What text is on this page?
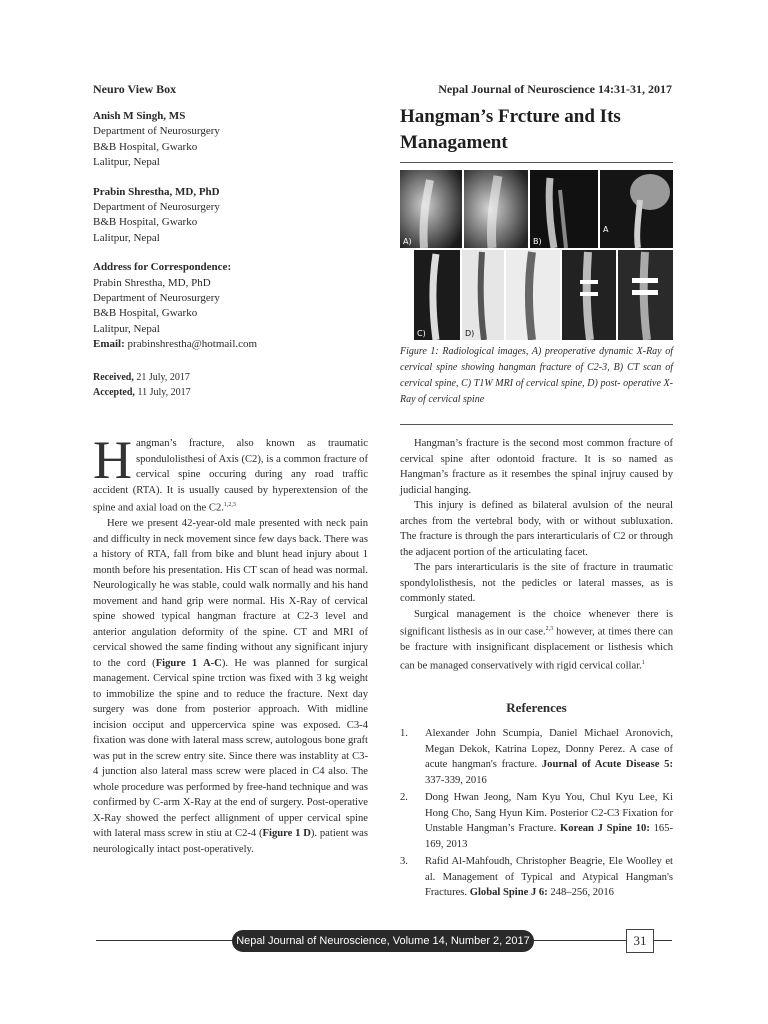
Neuro View Box	Nepal Journal of Neuroscience 14:31-31, 2017
Anish M Singh, MS
Department of Neurosurgery
B&B Hospital, Gwarko
Lalitpur, Nepal
Prabin Shrestha, MD, PhD
Department of Neurosurgery
B&B Hospital, Gwarko
Lalitpur, Nepal
Address for Correspondence:
Prabin Shrestha, MD, PhD
Department of Neurosurgery
B&B Hospital, Gwarko
Lalitpur, Nepal
Email: prabinshrestha@hotmail.com
Received, 21 July, 2017
Accepted, 11 July, 2017
Hangman’s Frcture and Its Managament
A)	B)
A
C)	D)
Figure 1: Radiological images, A) preoperative dynamic X-Ray of cervical spine showing hangman fracture of C2-3, B) CT scan of cervical spine, C) T1W MRI of cervical spine, D) post- operative X-Ray of cervical spine

Hangman’s fracture, also known as traumatic spondulolisthesi of Axis (C2), is a common fracture of cervical spine occuring during any road traffic accident (RTA). It is usually caused by hyperextension of the spine and axial load on the C2.$^{1,2,3}$

Here we present 42-year-old male presented with neck pain and difficulty in neck movement since few days back. There was a history of RTA, fall from bike and blunt head injury about 1 month before his presentation. His CT scan of head was normal. Neurologically he was stable, could walk normally and his hand movement and hand grip were normal. His X-Ray of cervical spine showed typical hangman fracture at C2-3 level and anterior angulation deformity of the spine. CT and MRI of cervical showed the same finding without any significant injury to the cord (Figure 1 A-C). He was planned for surgical management. Cervical spine trction was fixed with 3 kg weight to immobilize the spine and to reduce the fracture. Next day surgery was done from posterior approach. With midline incision occiput and uppercervica spine was exposed. C3-4 fixation was done with lateral mass screw, autologous bone graft was put in the screw entry site. Since there was instablity at C3-4 junction also lateral mass screw were placed in C4 also. The whole procedure was performed by free-hand technique and was confirmed by C-arm X-Ray at the end of surgery. Post-operative X-Ray showed the perfect allignment of upper cervical spine with lateral mass screw in stiu at C2-4 (Figure 1 D). patient was neurologically intact post-operatively.

Hangman’s fracture is the second most common fracture of cervical spine after odontoid fracture. It is so named as Hangman’s fracture as it resembes the spinal injruy caused by judicial hanging.

This injury is defined as bilateral avulsion of the neural arches from the vertebral body, with or without subluxation. The fracture is through the pars interarticularis of C2 or through the adjacent portion of the articulating facet.

The pars interarticularis is the site of fracture in traumatic spondylolisthesis, not the pedicles or lateral masses, as is commonly stated.

Surgical management is the choice whenever there is significant listhesis as in our case.$^{2,3}$ however, at times there can be fracture with insignificant displacement or listhesis which can be managed conservatively with rigid cervical collar.$^1$

References
1.	Alexander John Scumpia, Daniel Michael Aronovich, Megan Dekok, Katrina Lopez, Donny Perez. A case of acute hangman's fracture. Journal of Acute Disease 5: 337-339, 2016
2.	Dong Hwan Jeong, Nam Kyu You, Chul Kyu Lee, Ki Hong Cho, Sang Hyun Kim. Posterior C2-C3 Fixation for Unstable Hangman’s Fracture. Korean J Spine 10: 165-169, 2013
3.	Rafid Al-Mahfoudh, Christopher Beagrie, Ele Woolley et al. Management of Typical and Atypical Hangman's Fractures. Global Spine J 6: 248–256, 2016
Nepal Journal of Neuroscience, Volume 14, Number 2, 2017	31
